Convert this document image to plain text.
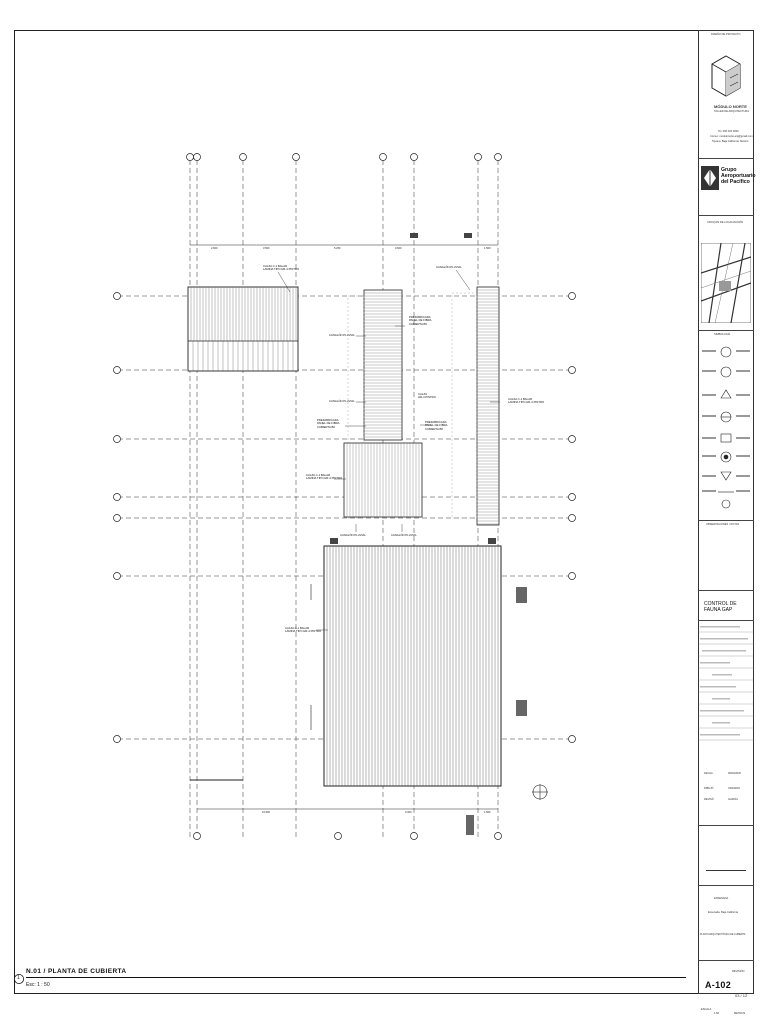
CALZA C-1 BALAR
LAMINA TIPO HR-4 PINTRO
CANALÓN PLUVIAL
CANALÓN PLUVIAL
PREFABRICADA
PANEL DE FIBRA
CUBIERTA B0
CANALÓN PLUVIAL
CALZA
HR-4 PINTRO
PREFABRICADA
PANEL DE FIBRA
CUBIERTA B0
PREFABRICADA
PANEL DE FIBRA
CUBIERTA B0
CALZA C-1 BALAR
LAMINA TIPO HR-4 PINTRO
CALZA C-1 BALAR
LAMINA TIPO HR-4 PINTRO
CANALÓN PLUVIAL	CANALÓN PLUVIAL
CALZA C-1 BALAR
LAMINA TIPO HR-4 PINTRO
2.600	3.500	5.250	0.600	1.500
10.500	0.300	1.500
1
N.01 / PLANTA DE CUBIERTA
Esc: 1 : 50
DISEÑO DE PROYECTO
MÓDULO NORTE
TALLER DE ARQUITECTURA
Tel. 000 000 0000
Correo: modulonorte.arq@gmail.com
Tijuana, Baja California, México
Grupo
Aeroportuario
del Pacífico
CROQUIS DE LOCALIZACIÓN
SIMBOLOGÍA
OBSERVACIONES / NOTAS
CONTROL DE FAUNA GAP
FECHA	00/00/2020
DIBUJÓ	ORDIANO
REVISÓ	GARCÍA
ENSENADA
Ensenada, Baja California
PLANTA ARQUITECTÓNICA DE CUBIERTA
A-102
03 / 12
REVISIÓN
ESCALA
1:50	METROS
